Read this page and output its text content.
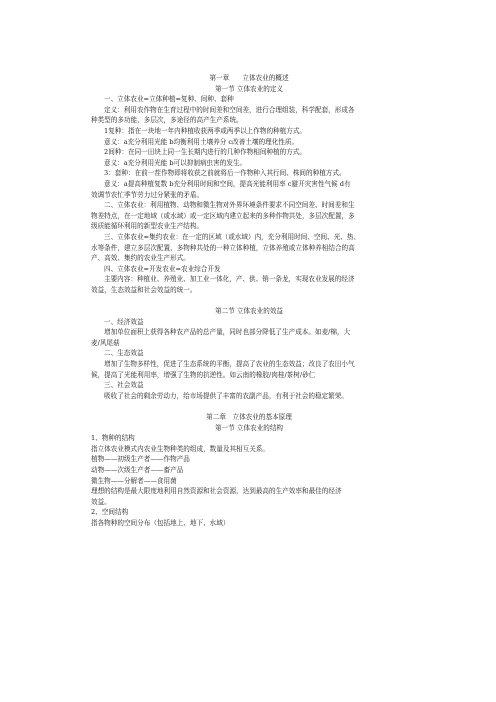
第一章　　立体农业的概述
第一节 立体农业的定义
一、立体农业=立体种植=复种、间种、套种
定义：利用农作物在生育过程中的时间差和空间差，进行合理组装，科学配套，形成各
种类型的多功能，多层次，多途径的高产生产系统。
1复种：指在一块地一年内种植收获两季或两季以上作物的种植方式。
意义：a充分利用光能 b均衡利用土壤养分 c改善土壤的理化性质。
2间种：在同一田块上同一生长期内进行的几种作物相间种植的方式。
意义：a充分利用光能 b可以抑制病虫害的发生。
3：套种：在前一茬作物即将收获之前就将后一作物种入其行间、株间的种植方式。
意义：a提高种植复数 b充分利用时间和空间，提高光能利用率 c避开灾害性气候 d有
效调节农忙季节劳力过分紧张的矛盾。
二、立体农业：利用植物、动物和微生物对外界环境条件要求不同空间差、时间差和生
物差特点，在一定地域（或水域）或一定区域内建立起来的多种作物共处，多层次配置，多
级质能循环利用的新型农业生产结构。
三、立体农业=集约农业：在一定的区域（或水域）内，充分利用时间、空间、光、热、
水等条件，建立多层次配置，多物种共处的一种立体种植，立体养殖或立体种养相结合的高
产、高效、集约的农业生产形式。
四、立体农业=开发农业=农业综合开发
主要内容：种植业、养殖业、加工业一体化，产、供、销一条龙，实现农业发展的经济
效益，生态效益和社会效益的统一。
第二节 立体农业的效益
一、经济效益
增加单位面积上获得各种农产品的总产量，同时也部分降低了生产成本。如麦/棉，大
麦/风尾菇
二、生态效益
增加了生物多样性，促进了生态系统的平衡，提高了农业的生态效益；改良了农田小气
候，提高了光能利用率，增强了生物的抗逆性。如云南的橡胶/肉桂/茶树/砂仁
三、社会效益
吸收了社会的剩余劳动力，给市场提供了丰富的农副产品，有利于社会的稳定繁荣。
第二章　立体农业的基本原理
第一节 立体农业的结构
1、物种的结构
指立体农业模式内农业生物种类的组成，数量及其相互关系。
植物——初级生产者——作物产品
动物——次级生产者——畜产品
微生物——分解者——食用菌
理想的结构是最大限度地利用自然资源和社会资源，达到最高的生产效率和最佳的经济
效益。
2、空间结构
指各物种的空间分布（包括地上、地下、水域）
